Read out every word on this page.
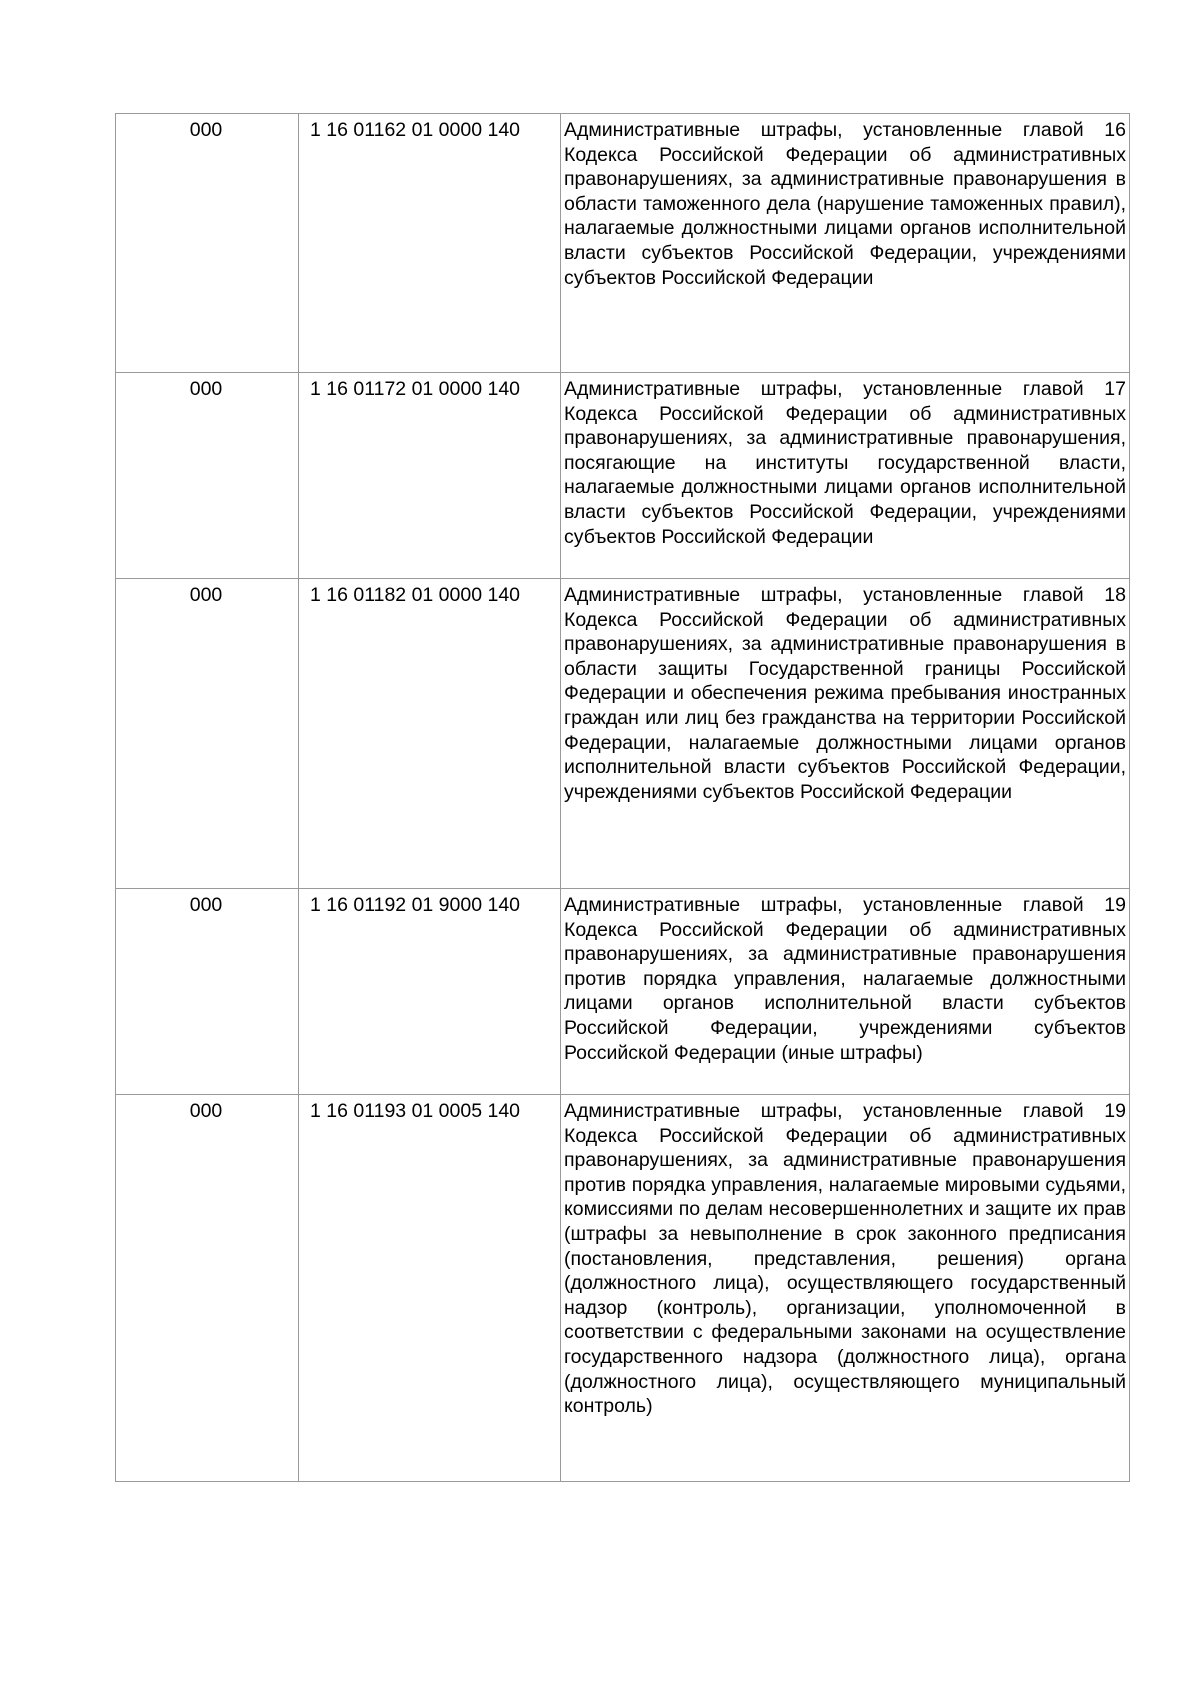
000	1 16 01162 01 0000 140	Административные штрафы, установленные главой 16 Кодекса Российской Федерации об административных правонарушениях, за административные правонарушения в области таможенного дела (нарушение таможенных правил), налагаемые должностными лицами органов исполнительной власти субъектов Российской Федерации, учреждениями субъектов Российской Федерации
000	1 16 01172 01 0000 140	Административные штрафы, установленные главой 17 Кодекса Российской Федерации об административных правонарушениях, за административные правонарушения, посягающие на институты государственной власти, налагаемые должностными лицами органов исполнительной власти субъектов Российской Федерации, учреждениями субъектов Российской Федерации
000	1 16 01182 01 0000 140	Административные штрафы, установленные главой 18 Кодекса Российской Федерации об административных правонарушениях, за административные правонарушения в области защиты Государственной границы Российской Федерации и обеспечения режима пребывания иностранных граждан или лиц без гражданства на территории Российской Федерации, налагаемые должностными лицами органов исполнительной власти субъектов Российской Федерации, учреждениями субъектов Российской Федерации
000	1 16 01192 01 9000 140	Административные штрафы, установленные главой 19 Кодекса Российской Федерации об административных правонарушениях, за административные правонарушения против порядка управления, налагаемые должностными лицами органов исполнительной власти субъектов Российской Федерации, учреждениями субъектов Российской Федерации (иные штрафы)
000	1 16 01193 01 0005 140	Административные штрафы, установленные главой 19 Кодекса Российской Федерации об административных правонарушениях, за административные правонарушения против порядка управления, налагаемые мировыми судьями, комиссиями по делам несовершеннолетних и защите их прав (штрафы за невыполнение в срок законного предписания (постановления, представления, решения) органа (должностного лица), осуществляющего государственный надзор (контроль), организации, уполномоченной в соответствии с федеральными законами на осуществление государственного надзора (должностного лица), органа (должностного лица), осуществляющего муниципальный контроль)
